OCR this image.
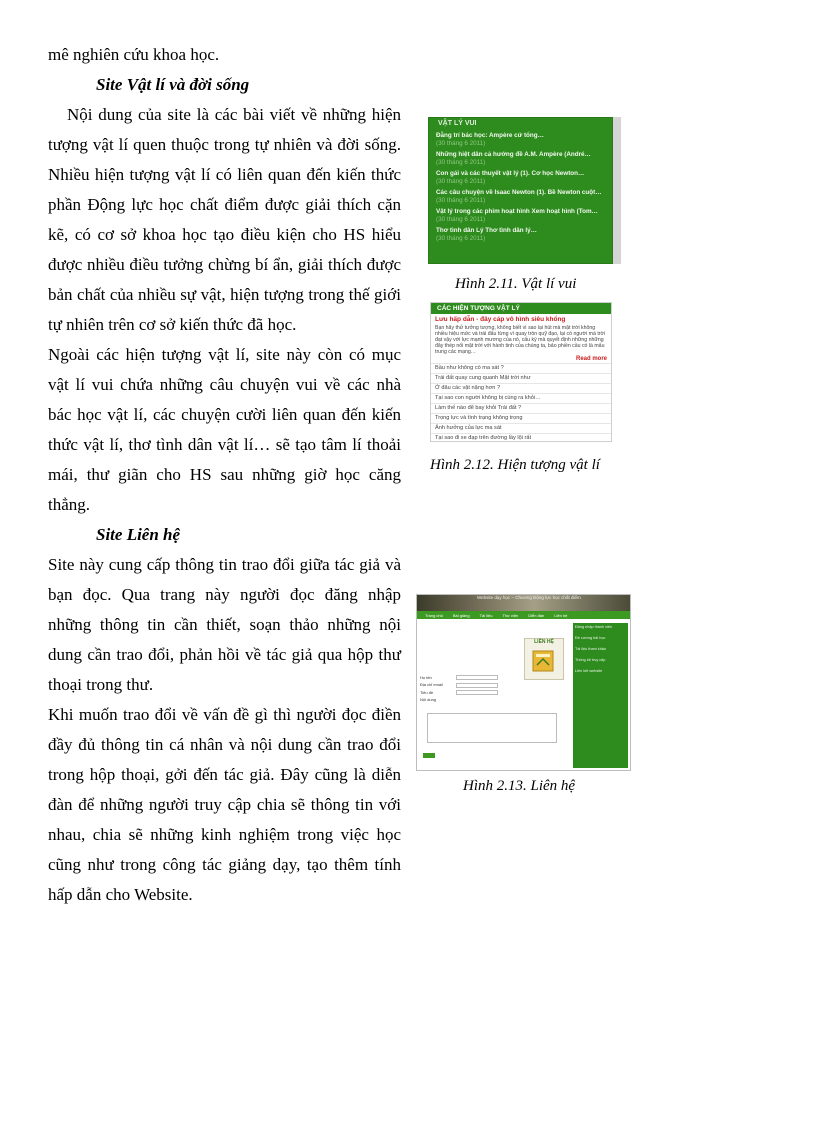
mê nghiên cứu khoa học.

Site Vật lí và đời sống

Nội dung của site là các bài viết về những hiện tượng vật lí quen thuộc trong tự nhiên và đời sống. Nhiều hiện tượng vật lí có liên quan đến kiến thức phần Động lực học chất điểm được giải thích cặn kẽ, có cơ sở khoa học tạo điều kiện cho HS hiểu được nhiều điều tưởng chừng bí ẩn, giải thích được bản chất của nhiều sự vật, hiện tượng trong thế giới tự nhiên trên cơ sở kiến thức đã học.

Ngoài các hiện tượng vật lí, site này còn có mục vật lí vui chứa những câu chuyện vui về các nhà bác học vật lí, các chuyện cười liên quan đến kiến thức vật lí, thơ tình dân vật lí… sẽ tạo tâm lí thoải mái, thư giãn cho HS sau những giờ học căng thẳng.

Site Liên hệ

Site này cung cấp thông tin trao đổi giữa tác giả và bạn đọc. Qua trang này người đọc đăng nhập những thông tin cần thiết, soạn thảo những nội dung cần trao đổi, phản hồi về tác giả qua hộp thư thoại trong thư.

Khi muốn trao đổi về vấn đề gì thì người đọc điền đầy đủ thông tin cá nhân và nội dung cần trao đổi trong hộp thoại, gởi đến tác giả. Đây cũng là diễn đàn để những người truy cập chia sẽ thông tin với nhau, chia sẽ những kinh nghiệm trong việc học cũng như trong công tác giảng dạy, tạo thêm tính hấp dẫn cho Website.

VẬT LÝ VUI
Đằng trí bác học: Ampère cứ tổng…
(30 tháng 6 2011)
Những hiệt dân cả hướng đề A.M. Ampère (André…
(30 tháng 6 2011)
Con gái và các thuyết vật lý (1). Cơ học Newton…
(30 tháng 6 2011)
Các câu chuyện về Isaac Newton (1). Bề Newton cuột…
(30 tháng 6 2011)
Vật lý trong các phim hoạt hình Xem hoạt hình (Tom…
(30 tháng 6 2011)
Thơ tình dân Lý Thơ tình dân lý…
(30 tháng 6 2011)
Hình 2.11. Vật lí vui
CÁC HIỆN TƯỢNG VẬT LÝ
Lưu hấp dẫn - đây cáp vô hình siêu khổng
Bạn hãy thử tưởng tượng, không biết vì sao lại hút mà mặt trời không nhiều hiệu mức và trái đấu từng vì quay tròn quỹ đạo, lại có người mà trời đạt vậy với lực mạnh mương của nó, cấu kỳ mà quyết định những những đây thép nối mặt trời với hành tinh của chúng ta, bảo phiền cầu có là mấu trung các mạng…
Read more
Bầu như không có ma sát ?
Trái đất quay cung quanh Mặt trời như
Ở đâu các vật nặng hơn ?
Tại sao con người không bị cùng ra khỏi…
Làm thế nào để bay khỏi Trái đất ?
Trọng lực và tình trạng không trọng
Ảnh hưởng của lực ma sát
Tại sao đi xe đạp trên đường lầy lội rất
Hình 2.12. Hiện tượng vật lí
Website dạy học – Chương Động lực học chất điểm
Trang chủ	Bài giảng	Tài liệu	Thư viện	Diễn đàn	Liên hệ
Họ tên
Địa chỉ email
Tiêu đề
Nội dung
LIÊN HỆ
Đăng nhập thành viên
Đề cương bài học
Tài liệu tham khảo
Thống kê truy cập
Liên kết website
Hình 2.13. Liên hệ
